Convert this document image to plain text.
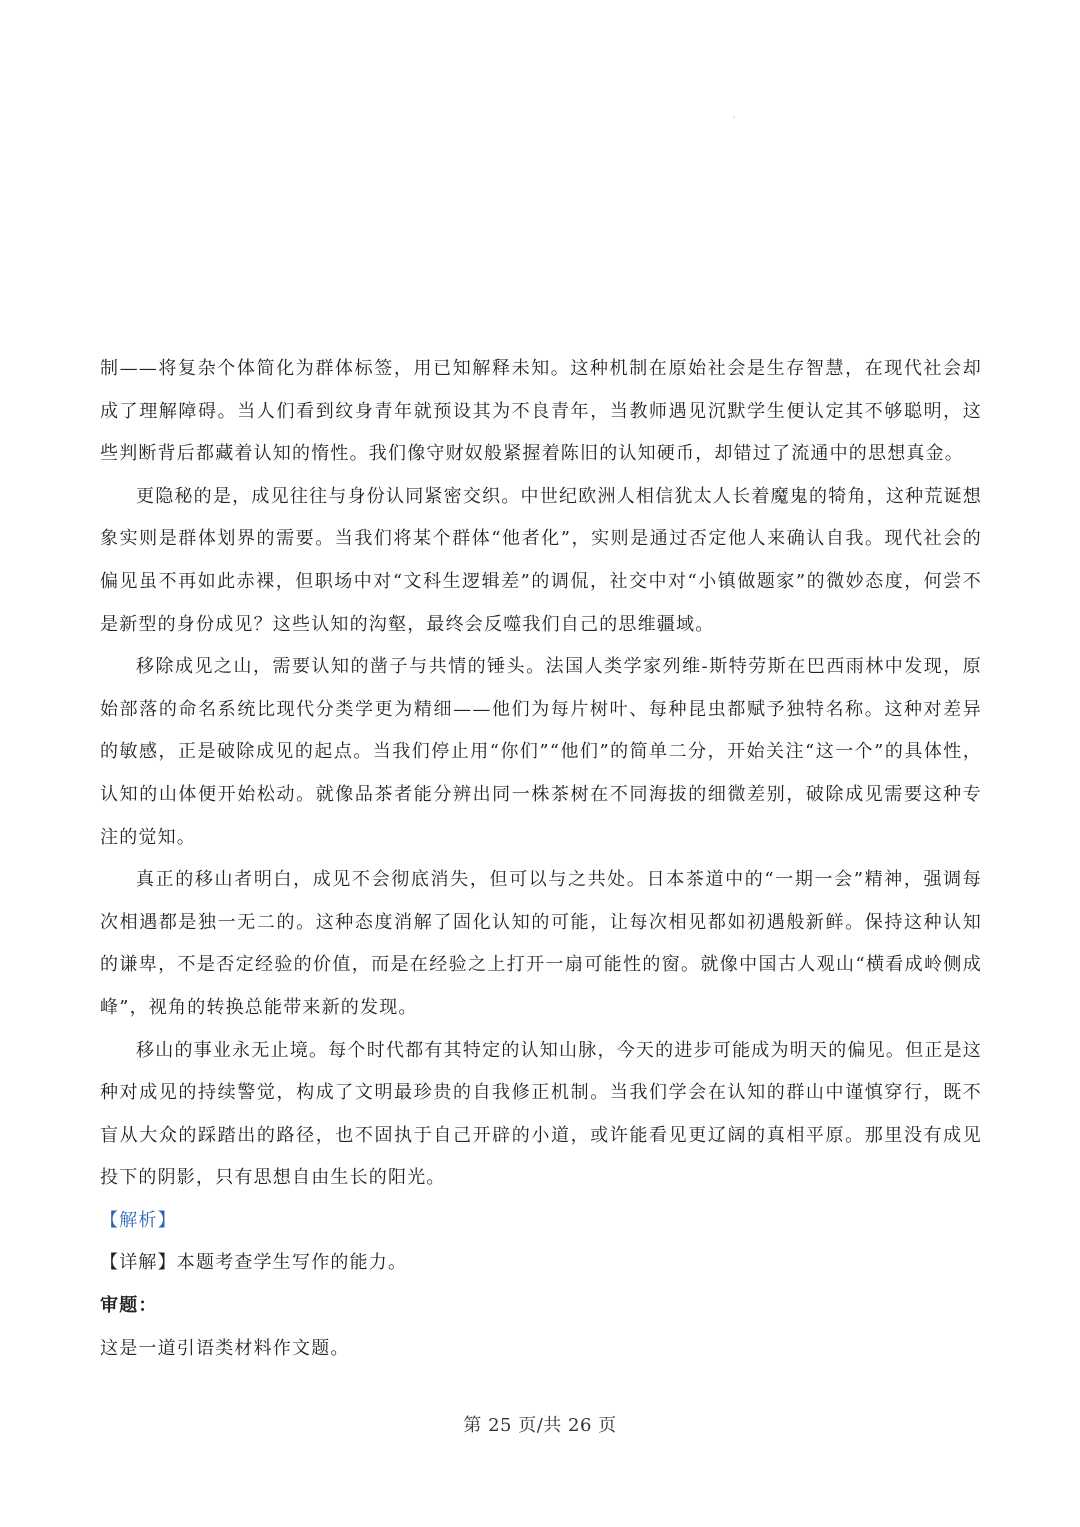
制——将复杂个体简化为群体标签，用已知解释未知。这种机制在原始社会是生存智慧，在现代社会却成了理解障碍。当人们看到纹身青年就预设其为不良青年，当教师遇见沉默学生便认定其不够聪明，这些判断背后都藏着认知的惰性。我们像守财奴般紧握着陈旧的认知硬币，却错过了流通中的思想真金。

更隐秘的是，成见往往与身份认同紧密交织。中世纪欧洲人相信犹太人长着魔鬼的犄角，这种荒诞想象实则是群体划界的需要。当我们将某个群体“他者化”，实则是通过否定他人来确认自我。现代社会的偏见虽不再如此赤裸，但职场中对“文科生逻辑差”的调侃，社交中对“小镇做题家”的微妙态度，何尝不是新型的身份成见？这些认知的沟壑，最终会反噬我们自己的思维疆域。

移除成见之山，需要认知的凿子与共情的锤头。法国人类学家列维-斯特劳斯在巴西雨林中发现，原始部落的命名系统比现代分类学更为精细——他们为每片树叶、每种昆虫都赋予独特名称。这种对差异的敏感，正是破除成见的起点。当我们停止用“你们”“他们”的简单二分，开始关注“这一个”的具体性，认知的山体便开始松动。就像品茶者能分辨出同一株茶树在不同海拔的细微差别，破除成见需要这种专注的觉知。

真正的移山者明白，成见不会彻底消失，但可以与之共处。日本茶道中的“一期一会”精神，强调每次相遇都是独一无二的。这种态度消解了固化认知的可能，让每次相见都如初遇般新鲜。保持这种认知的谦卑，不是否定经验的价值，而是在经验之上打开一扇可能性的窗。就像中国古人观山“横看成岭侧成峰”，视角的转换总能带来新的发现。

移山的事业永无止境。每个时代都有其特定的认知山脉，今天的进步可能成为明天的偏见。但正是这种对成见的持续警觉，构成了文明最珍贵的自我修正机制。当我们学会在认知的群山中谨慎穿行，既不盲从大众的踩踏出的路径，也不固执于自己开辟的小道，或许能看见更辽阔的真相平原。那里没有成见投下的阴影，只有思想自由生长的阳光。

【解析】

【详解】本题考查学生写作的能力。

审题：

这是一道引语类材料作文题。

第 25 页/共 26 页
